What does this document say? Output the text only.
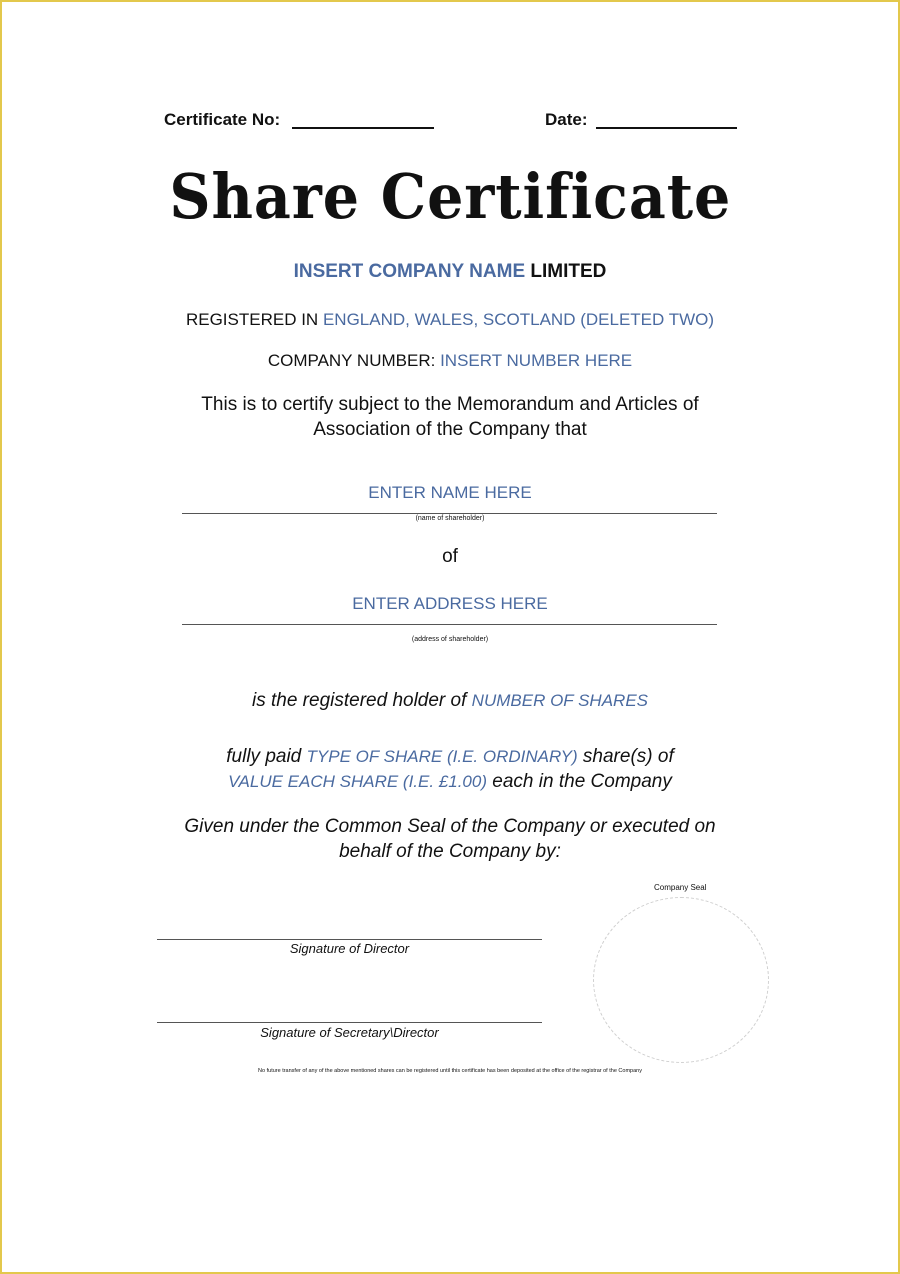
Certificate No:	Date:
Share Certificate
INSERT COMPANY NAME LIMITED
REGISTERED IN ENGLAND, WALES, SCOTLAND (DELETED TWO)
COMPANY NUMBER: INSERT NUMBER HERE
This is to certify subject to the Memorandum and Articles of
Association of the Company that
ENTER NAME HERE
(name of shareholder)
of
ENTER ADDRESS HERE
(address of shareholder)
is the registered holder of NUMBER OF SHARES
fully paid TYPE OF SHARE (I.E. ORDINARY) share(s) of
VALUE EACH SHARE (I.E. £1.00) each in the Company
Given under the Common Seal of the Company or executed on
behalf of the Company by:
Company Seal
Signature of Director
Signature of Secretary\Director
No future transfer of any of the above mentioned shares can be registered until this certificate has been deposited at the office of the registrar of the Company
